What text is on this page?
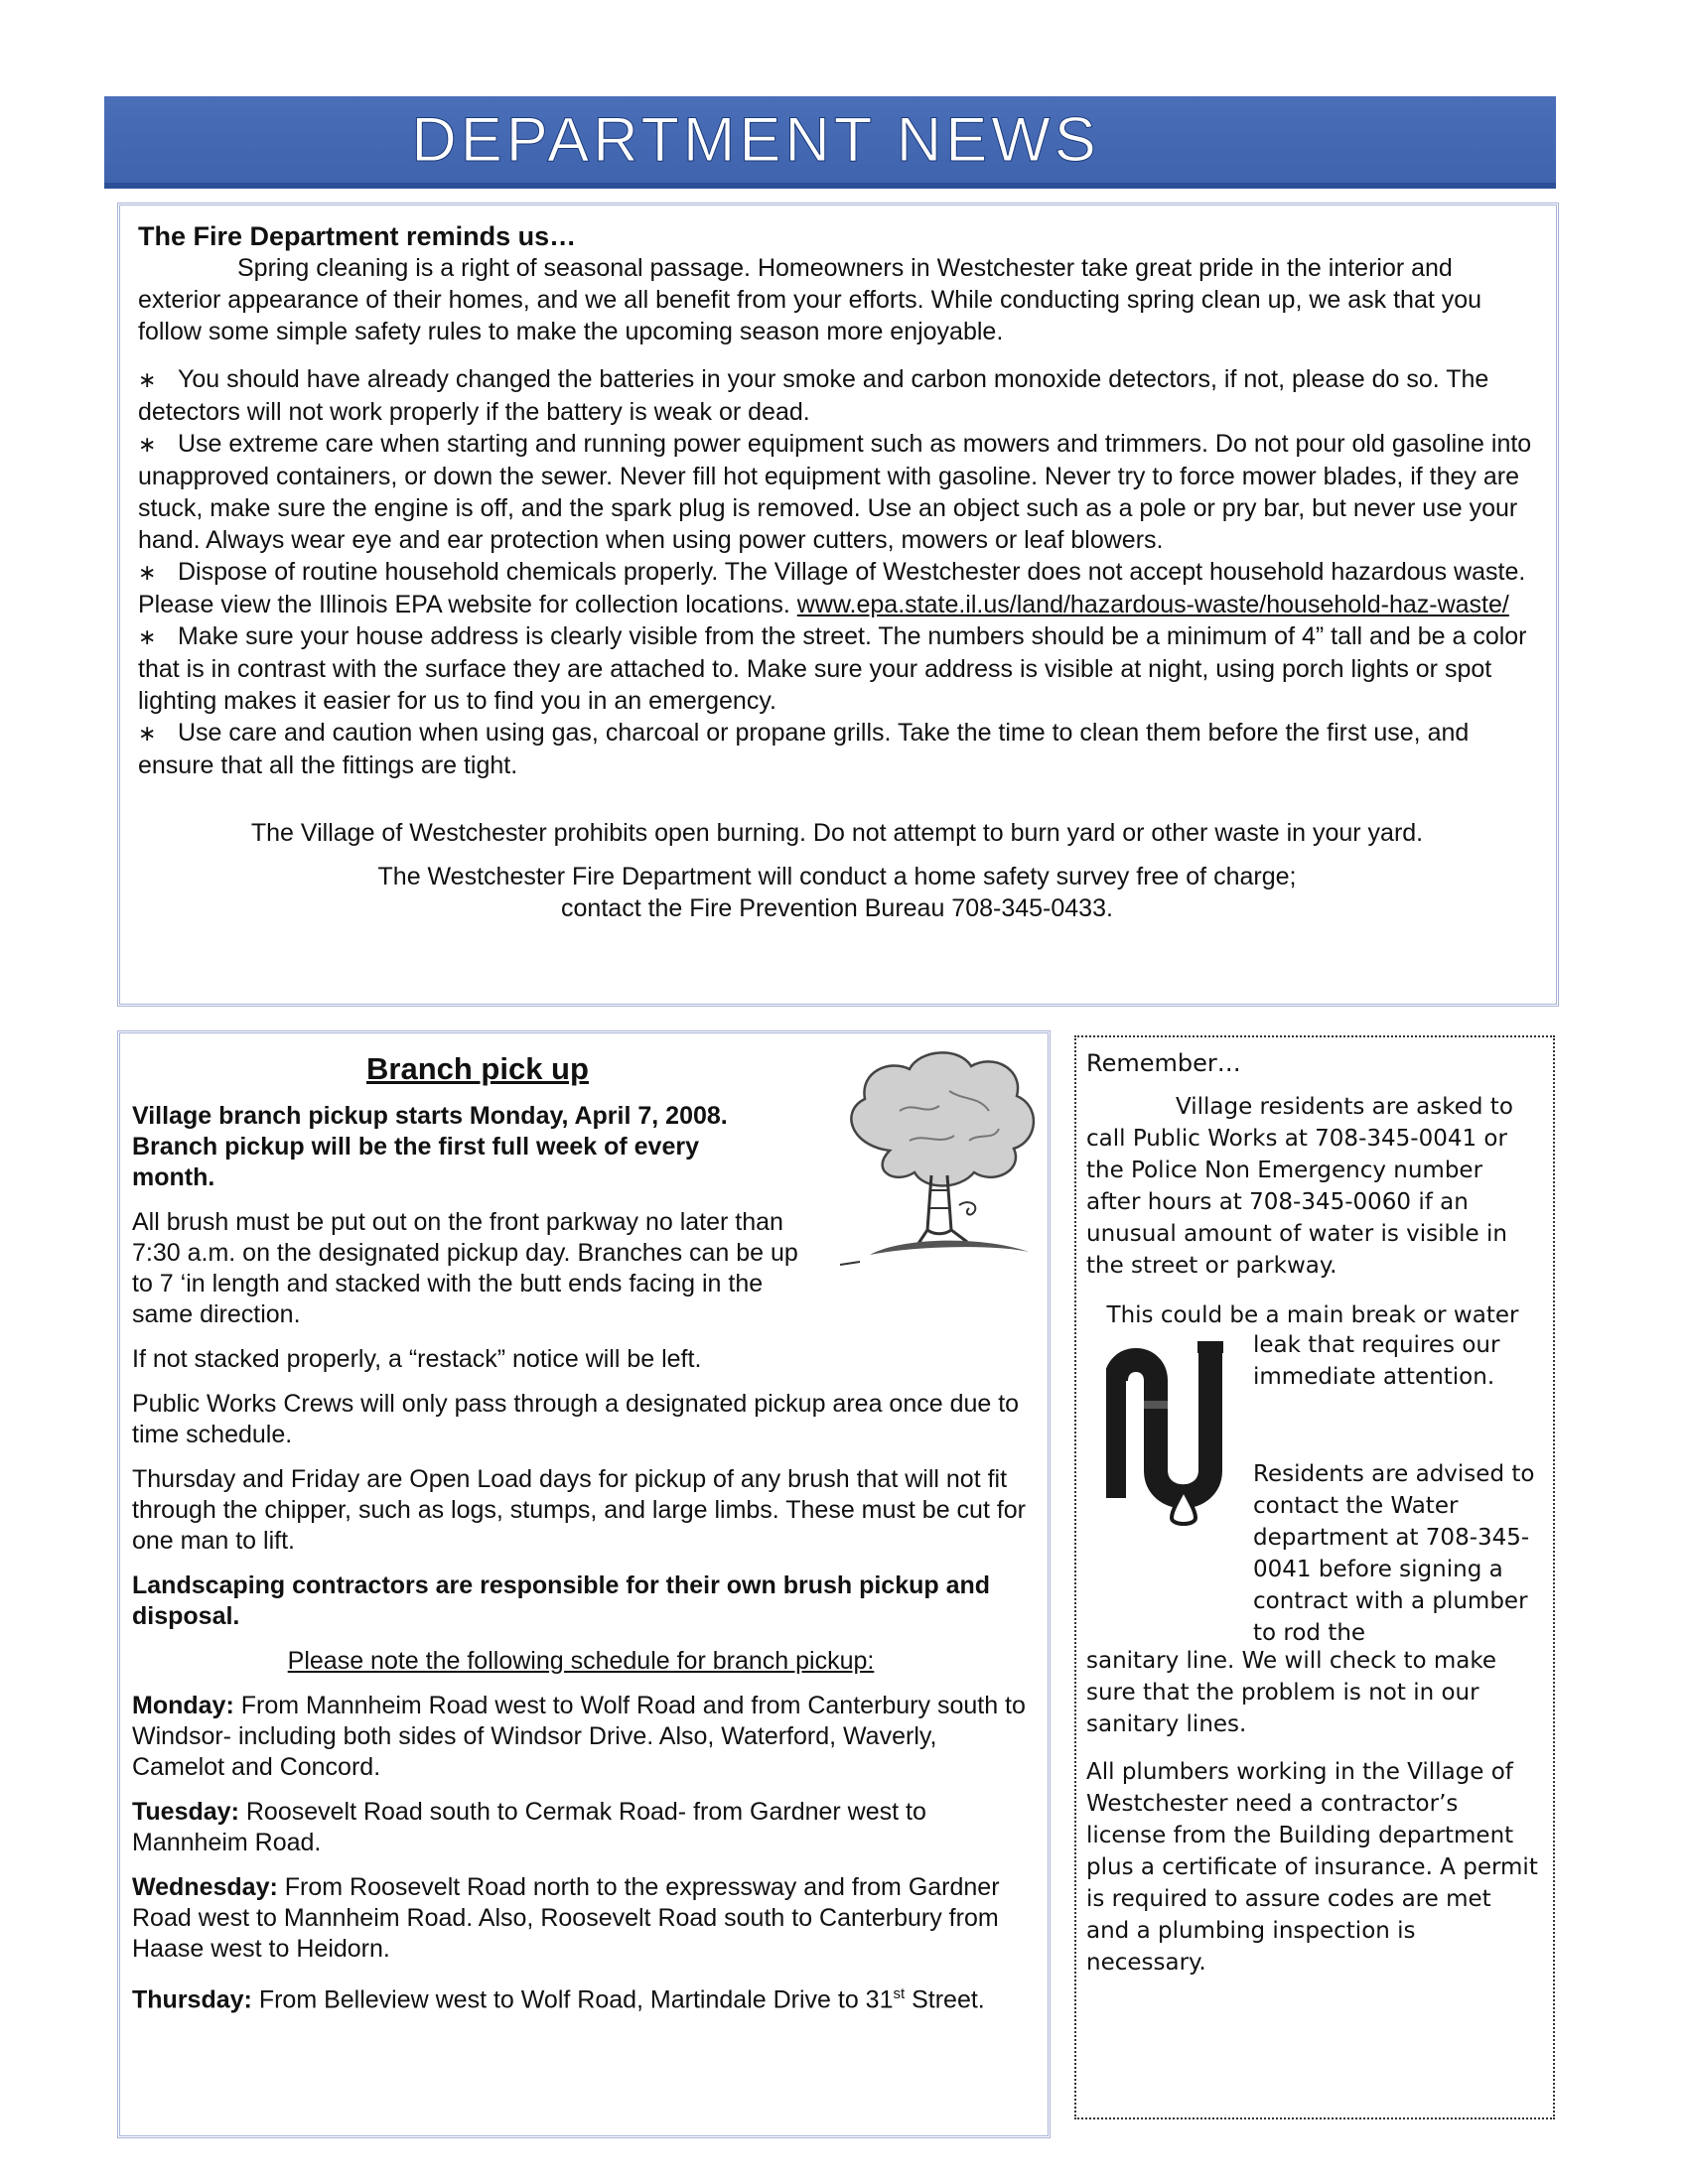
DEPARTMENT NEWS
The Fire Department reminds us…

Spring cleaning is a right of seasonal passage. Homeowners in Westchester take great pride in the interior and exterior appearance of their homes, and we all benefit from your efforts. While conducting spring clean up, we ask that you follow some simple safety rules to make the upcoming season more enjoyable.

∗ You should have already changed the batteries in your smoke and carbon monoxide detectors, if not, please do so. The detectors will not work properly if the battery is weak or dead.
∗ Use extreme care when starting and running power equipment such as mowers and trimmers. Do not pour old gasoline into unapproved containers, or down the sewer. Never fill hot equipment with gasoline. Never try to force mower blades, if they are stuck, make sure the engine is off, and the spark plug is removed. Use an object such as a pole or pry bar, but never use your hand. Always wear eye and ear protection when using power cutters, mowers or leaf blowers.
∗ Dispose of routine household chemicals properly. The Village of Westchester does not accept household hazardous waste. Please view the Illinois EPA website for collection locations. www.epa.state.il.us/land/hazardous-waste/household-haz-waste/
∗ Make sure your house address is clearly visible from the street. The numbers should be a minimum of 4” tall and be a color that is in contrast with the surface they are attached to. Make sure your address is visible at night, using porch lights or spot lighting makes it easier for us to find you in an emergency.
∗ Use care and caution when using gas, charcoal or propane grills. Take the time to clean them before the first use, and ensure that all the fittings are tight.
The Village of Westchester prohibits open burning. Do not attempt to burn yard or other waste in your yard.
The Westchester Fire Department will conduct a home safety survey free of charge;
contact the Fire Prevention Bureau 708-345-0433.
Branch pick up

Village branch pickup starts Monday, April 7, 2008. Branch pickup will be the first full week of every month.

All brush must be put out on the front parkway no later than 7:30 a.m. on the designated pickup day. Branches can be up to 7 ‘in length and stacked with the butt ends facing in the same direction.

If not stacked properly, a “restack” notice will be left.

Public Works Crews will only pass through a designated pickup area once due to time schedule.

Thursday and Friday are Open Load days for pickup of any brush that will not fit through the chipper, such as logs, stumps, and large limbs. These must be cut for one man to lift.

Landscaping contractors are responsible for their own brush pickup and disposal.

Please note the following schedule for branch pickup:

Monday: From Mannheim Road west to Wolf Road and from Canterbury south to Windsor- including both sides of Windsor Drive. Also, Waterford, Waverly, Camelot and Concord.

Tuesday: Roosevelt Road south to Cermak Road- from Gardner west to Mannheim Road.

Wednesday: From Roosevelt Road north to the expressway and from Gardner Road west to Mannheim Road. Also, Roosevelt Road south to Canterbury from Haase west to Heidorn.

Thursday: From Belleview west to Wolf Road, Martindale Drive to 31st Street.

Remember…

Village residents are asked to call Public Works at 708-345-0041 or the Police Non Emergency number after hours at 708-345-0060 if an unusual amount of water is visible in the street or parkway.

This could be a main break or water
leak that requires our immediate attention.
Residents are advised to contact the Water department at 708-345-0041 before signing a contract with a plumber to rod the

sanitary line. We will check to make sure that the problem is not in our sanitary lines.

All plumbers working in the Village of Westchester need a contractor’s license from the Building department plus a certificate of insurance. A permit is required to assure codes are met and a plumbing inspection is necessary.
